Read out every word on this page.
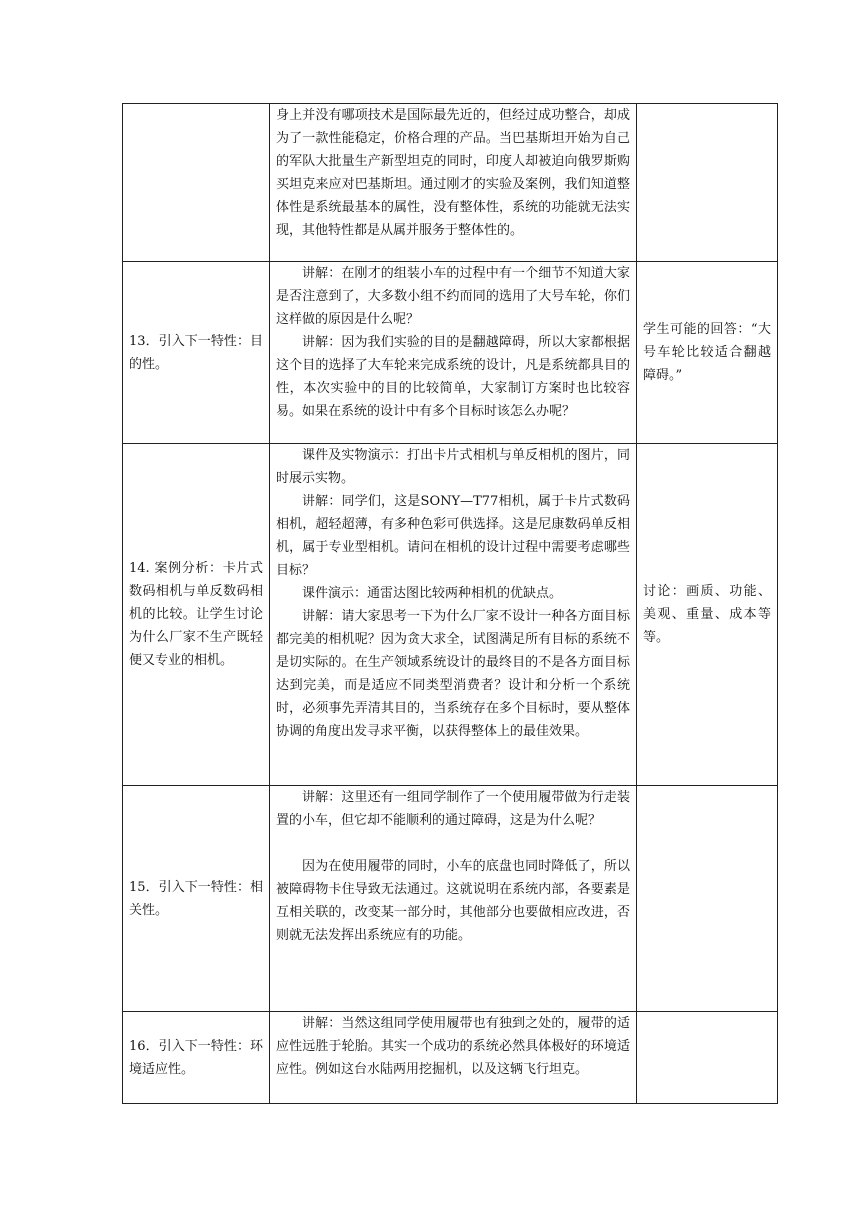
	身上并没有哪项技术是国际最先近的，但经过成功整合，却成为了一款性能稳定，价格合理的产品。当巴基斯坦开始为自己的军队大批量生产新型坦克的同时，印度人却被迫向俄罗斯购买坦克来应对巴基斯坦。通过刚才的实验及案例，我们知道整体性是系统最基本的属性，没有整体性，系统的功能就无法实现，其他特性都是从属并服务于整体性的。	

13．引入下一特性：目的性。	讲解：在刚才的组装小车的过程中有一个细节不知道大家是否注意到了，大多数小组不约而同的选用了大号车轮，你们这样做的原因是什么呢？

讲解：因为我们实验的目的是翻越障碍，所以大家都根据这个目的选择了大车轮来完成系统的设计，凡是系统都具目的性，本次实验中的目的比较简单，大家制订方案时也比较容易。如果在系统的设计中有多个目标时该怎么办呢？	学生可能的回答：“大号车轮比较适合翻越障碍。”
14. 案例分析：卡片式数码相机与单反数码相机的比较。让学生讨论为什么厂家不生产既轻便又专业的相机。	课件及实物演示：打出卡片式相机与单反相机的图片，同时展示实物。

讲解：同学们，这是SONY—T77相机，属于卡片式数码相机，超轻超薄，有多种色彩可供选择。这是尼康数码单反相机，属于专业型相机。请问在相机的设计过程中需要考虑哪些目标？

课件演示：通雷达图比较两种相机的优缺点。

讲解：请大家思考一下为什么厂家不设计一种各方面目标都完美的相机呢？因为贪大求全，试图满足所有目标的系统不是切实际的。在生产领域系统设计的最终目的不是各方面目标达到完美，而是适应不同类型消费者？设计和分析一个系统时，必须事先弄清其目的，当系统存在多个目标时，要从整体协调的角度出发寻求平衡，以获得整体上的最佳效果。	讨论：画质、功能、美观、重量、成本等等。
15．引入下一特性：相关性。	讲解：这里还有一组同学制作了一个使用履带做为行走装置的小车，但它却不能顺利的通过障碍，这是为什么呢？

因为在使用履带的同时，小车的底盘也同时降低了，所以被障碍物卡住导致无法通过。这就说明在系统内部，各要素是互相关联的，改变某一部分时，其他部分也要做相应改进，否则就无法发挥出系统应有的功能。	

16．引入下一特性：环境适应性。	讲解：当然这组同学使用履带也有独到之处的，履带的适应性远胜于轮胎。其实一个成功的系统必然具体极好的环境适应性。例如这台水陆两用挖掘机，以及这辆飞行坦克。	
